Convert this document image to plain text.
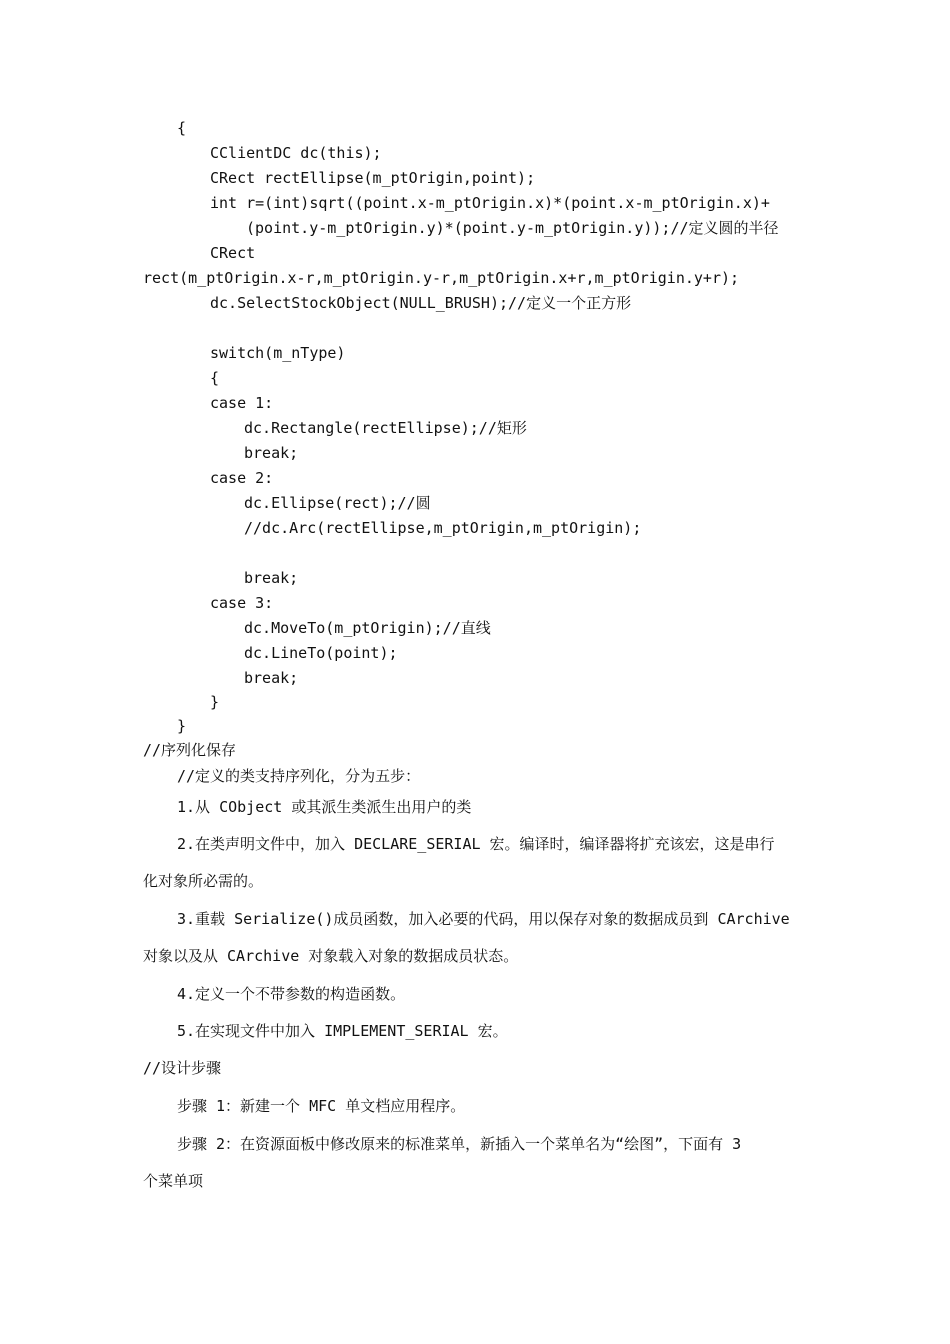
{
CClientDC dc(this);
CRect rectEllipse(m_ptOrigin,point);
int r=(int)sqrt((point.x-m_ptOrigin.x)*(point.x-m_ptOrigin.x)+
(point.y-m_ptOrigin.y)*(point.y-m_ptOrigin.y));//定义圆的半径
CRect
rect(m_ptOrigin.x-r,m_ptOrigin.y-r,m_ptOrigin.x+r,m_ptOrigin.y+r);
dc.SelectStockObject(NULL_BRUSH);//定义一个正方形
switch(m_nType)
{
case 1:
dc.Rectangle(rectEllipse);//矩形
break;
case 2:
dc.Ellipse(rect);//圆
//dc.Arc(rectEllipse,m_ptOrigin,m_ptOrigin);
break;
case 3:
dc.MoveTo(m_ptOrigin);//直线
dc.LineTo(point);
break;
}
}
//序列化保存
//定义的类支持序列化，分为五步：
1.从 CObject 或其派生类派生出用户的类
2.在类声明文件中，加入 DECLARE_SERIAL 宏。编译时，编译器将扩充该宏，这是串行
化对象所必需的。
3.重载 Serialize()成员函数，加入必要的代码，用以保存对象的数据成员到 CArchive
对象以及从 CArchive 对象载入对象的数据成员状态。
4.定义一个不带参数的构造函数。
5.在实现文件中加入 IMPLEMENT_SERIAL 宏。
//设计步骤
步骤 1：新建一个 MFC 单文档应用程序。
步骤 2：在资源面板中修改原来的标准菜单，新插入一个菜单名为“绘图”，下面有 3
个菜单项
